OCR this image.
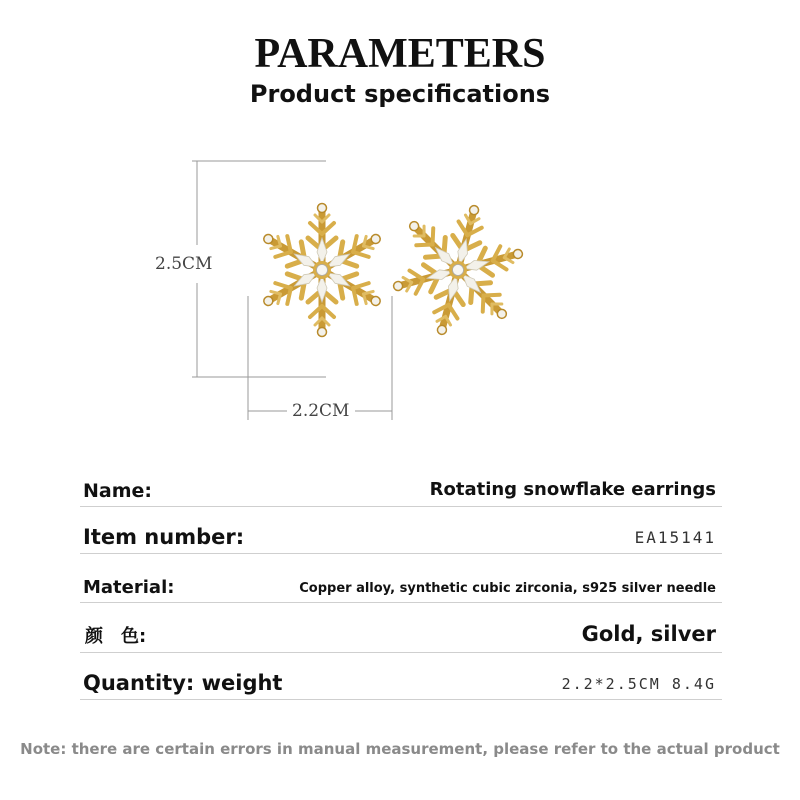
PARAMETERS
Product specifications
2.5CM
2.2CM
Name:	Rotating snowflake earrings
Item number:	EA15141
Material:	Copper alloy, synthetic cubic zirconia, s925 silver needle
颜　色:	Gold, silver
Quantity: weight	2.2*2.5CM 8.4G
Note: there are certain errors in manual measurement, please refer to the actual product
